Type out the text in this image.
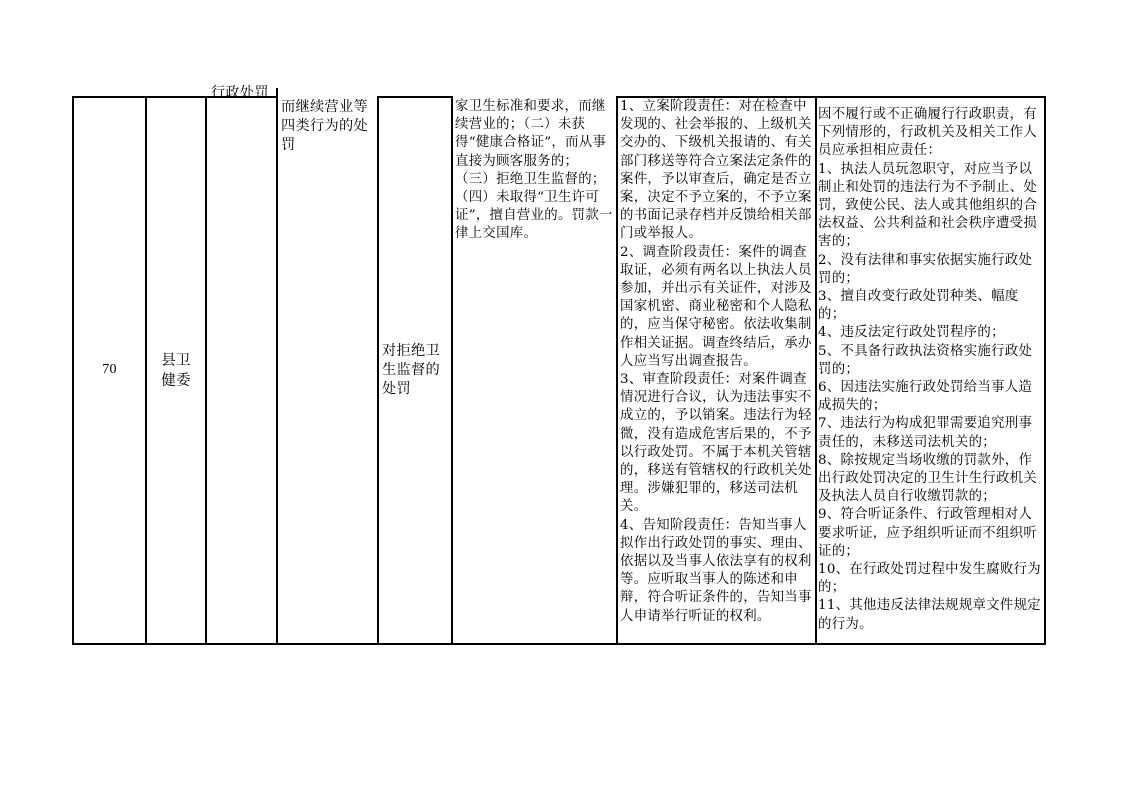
70
县卫健委
行政处罚
而继续营业等四类行为的处罚
对拒绝卫生监督的处罚
家卫生标准和要求，而继续营业的；（二）未获得“健康合格证”，而从事直接为顾客服务的；
（三）拒绝卫生监督的；
（四）未取得“卫生许可证”，擅自营业的。罚款一律上交国库。
1、立案阶段责任：对在检查中发现的、社会举报的、上级机关交办的、下级机关报请的、有关部门移送等符合立案法定条件的案件，予以审查后，确定是否立案，决定不予立案的，不予立案的书面记录存档并反馈给相关部门或举报人。
2、调查阶段责任：案件的调查取证，必须有两名以上执法人员参加，并出示有关证件，对涉及国家机密、商业秘密和个人隐私的，应当保守秘密。依法收集制作相关证据。调查终结后，承办人应当写出调查报告。
3、审查阶段责任：对案件调查情况进行合议，认为违法事实不成立的，予以销案。违法行为轻微，没有造成危害后果的，不予以行政处罚。不属于本机关管辖的，移送有管辖权的行政机关处理。涉嫌犯罪的，移送司法机关。
4、告知阶段责任：告知当事人拟作出行政处罚的事实、理由、依据以及当事人依法享有的权利等。应听取当事人的陈述和申辩，符合听证条件的，告知当事人申请举行听证的权利。
因不履行或不正确履行行政职责，有下列情形的，行政机关及相关工作人员应承担相应责任：
1、执法人员玩忽职守，对应当予以制止和处罚的违法行为不予制止、处罚，致使公民、法人或其他组织的合法权益、公共利益和社会秩序遭受损害的；
2、没有法律和事实依据实施行政处罚的；
3、擅自改变行政处罚种类、幅度的；
4、违反法定行政处罚程序的；
5、不具备行政执法资格实施行政处罚的；
6、因违法实施行政处罚给当事人造成损失的；
7、违法行为构成犯罪需要追究刑事责任的，未移送司法机关的；
8、除按规定当场收缴的罚款外，作出行政处罚决定的卫生计生行政机关及执法人员自行收缴罚款的；
9、符合听证条件、行政管理相对人要求听证，应予组织听证而不组织听证的；
10、在行政处罚过程中发生腐败行为的；
11、其他违反法律法规规章文件规定的行为。
